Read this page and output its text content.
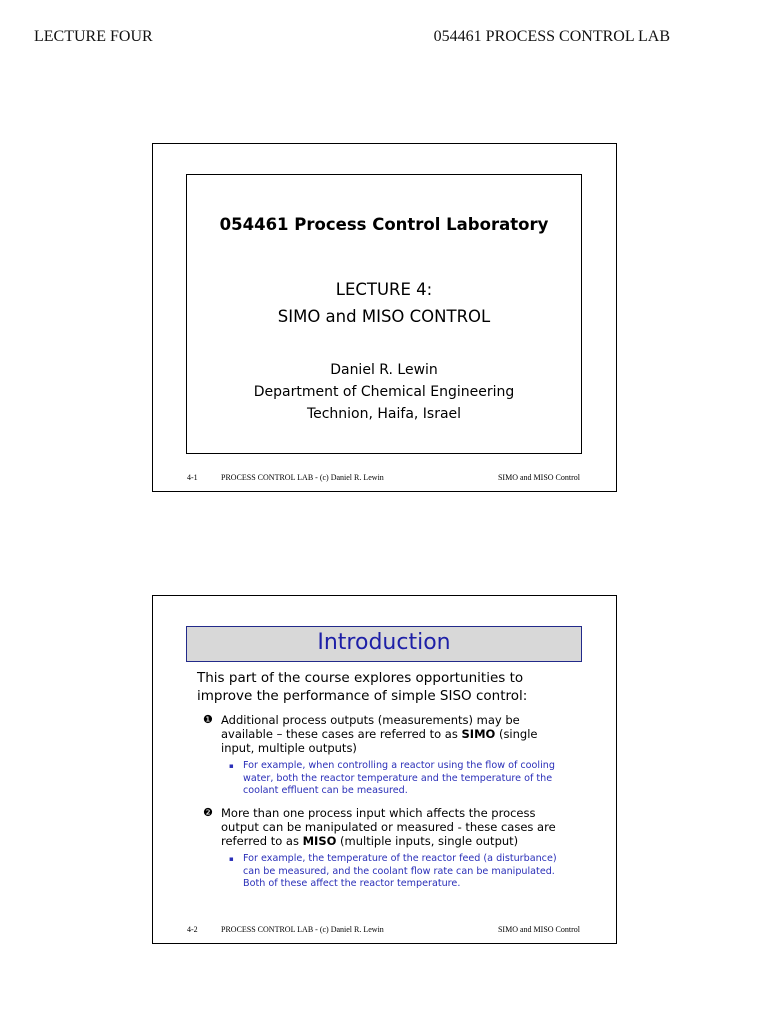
LECTURE FOUR	054461 PROCESS CONTROL LAB
054461 Process Control Laboratory
LECTURE 4:
SIMO and MISO CONTROL
Daniel R. Lewin
Department of Chemical Engineering
Technion, Haifa, Israel
4-1	PROCESS CONTROL LAB - (c) Daniel R. Lewin	SIMO and MISO Control
Introduction
This part of the course explores opportunities to improve the performance of simple SISO control:
❶ Additional process outputs (measurements) may be available – these cases are referred to as SIMO (single input, multiple outputs)
▪ For example, when controlling a reactor using the flow of cooling water, both the reactor temperature and the temperature of the coolant effluent can be measured.
❷ More than one process input which affects the process output can be manipulated or measured - these cases are referred to as MISO (multiple inputs, single output)
▪ For example, the temperature of the reactor feed (a disturbance) can be measured, and the coolant flow rate can be manipulated. Both of these affect the reactor temperature.
4-2	PROCESS CONTROL LAB - (c) Daniel R. Lewin	SIMO and MISO Control
